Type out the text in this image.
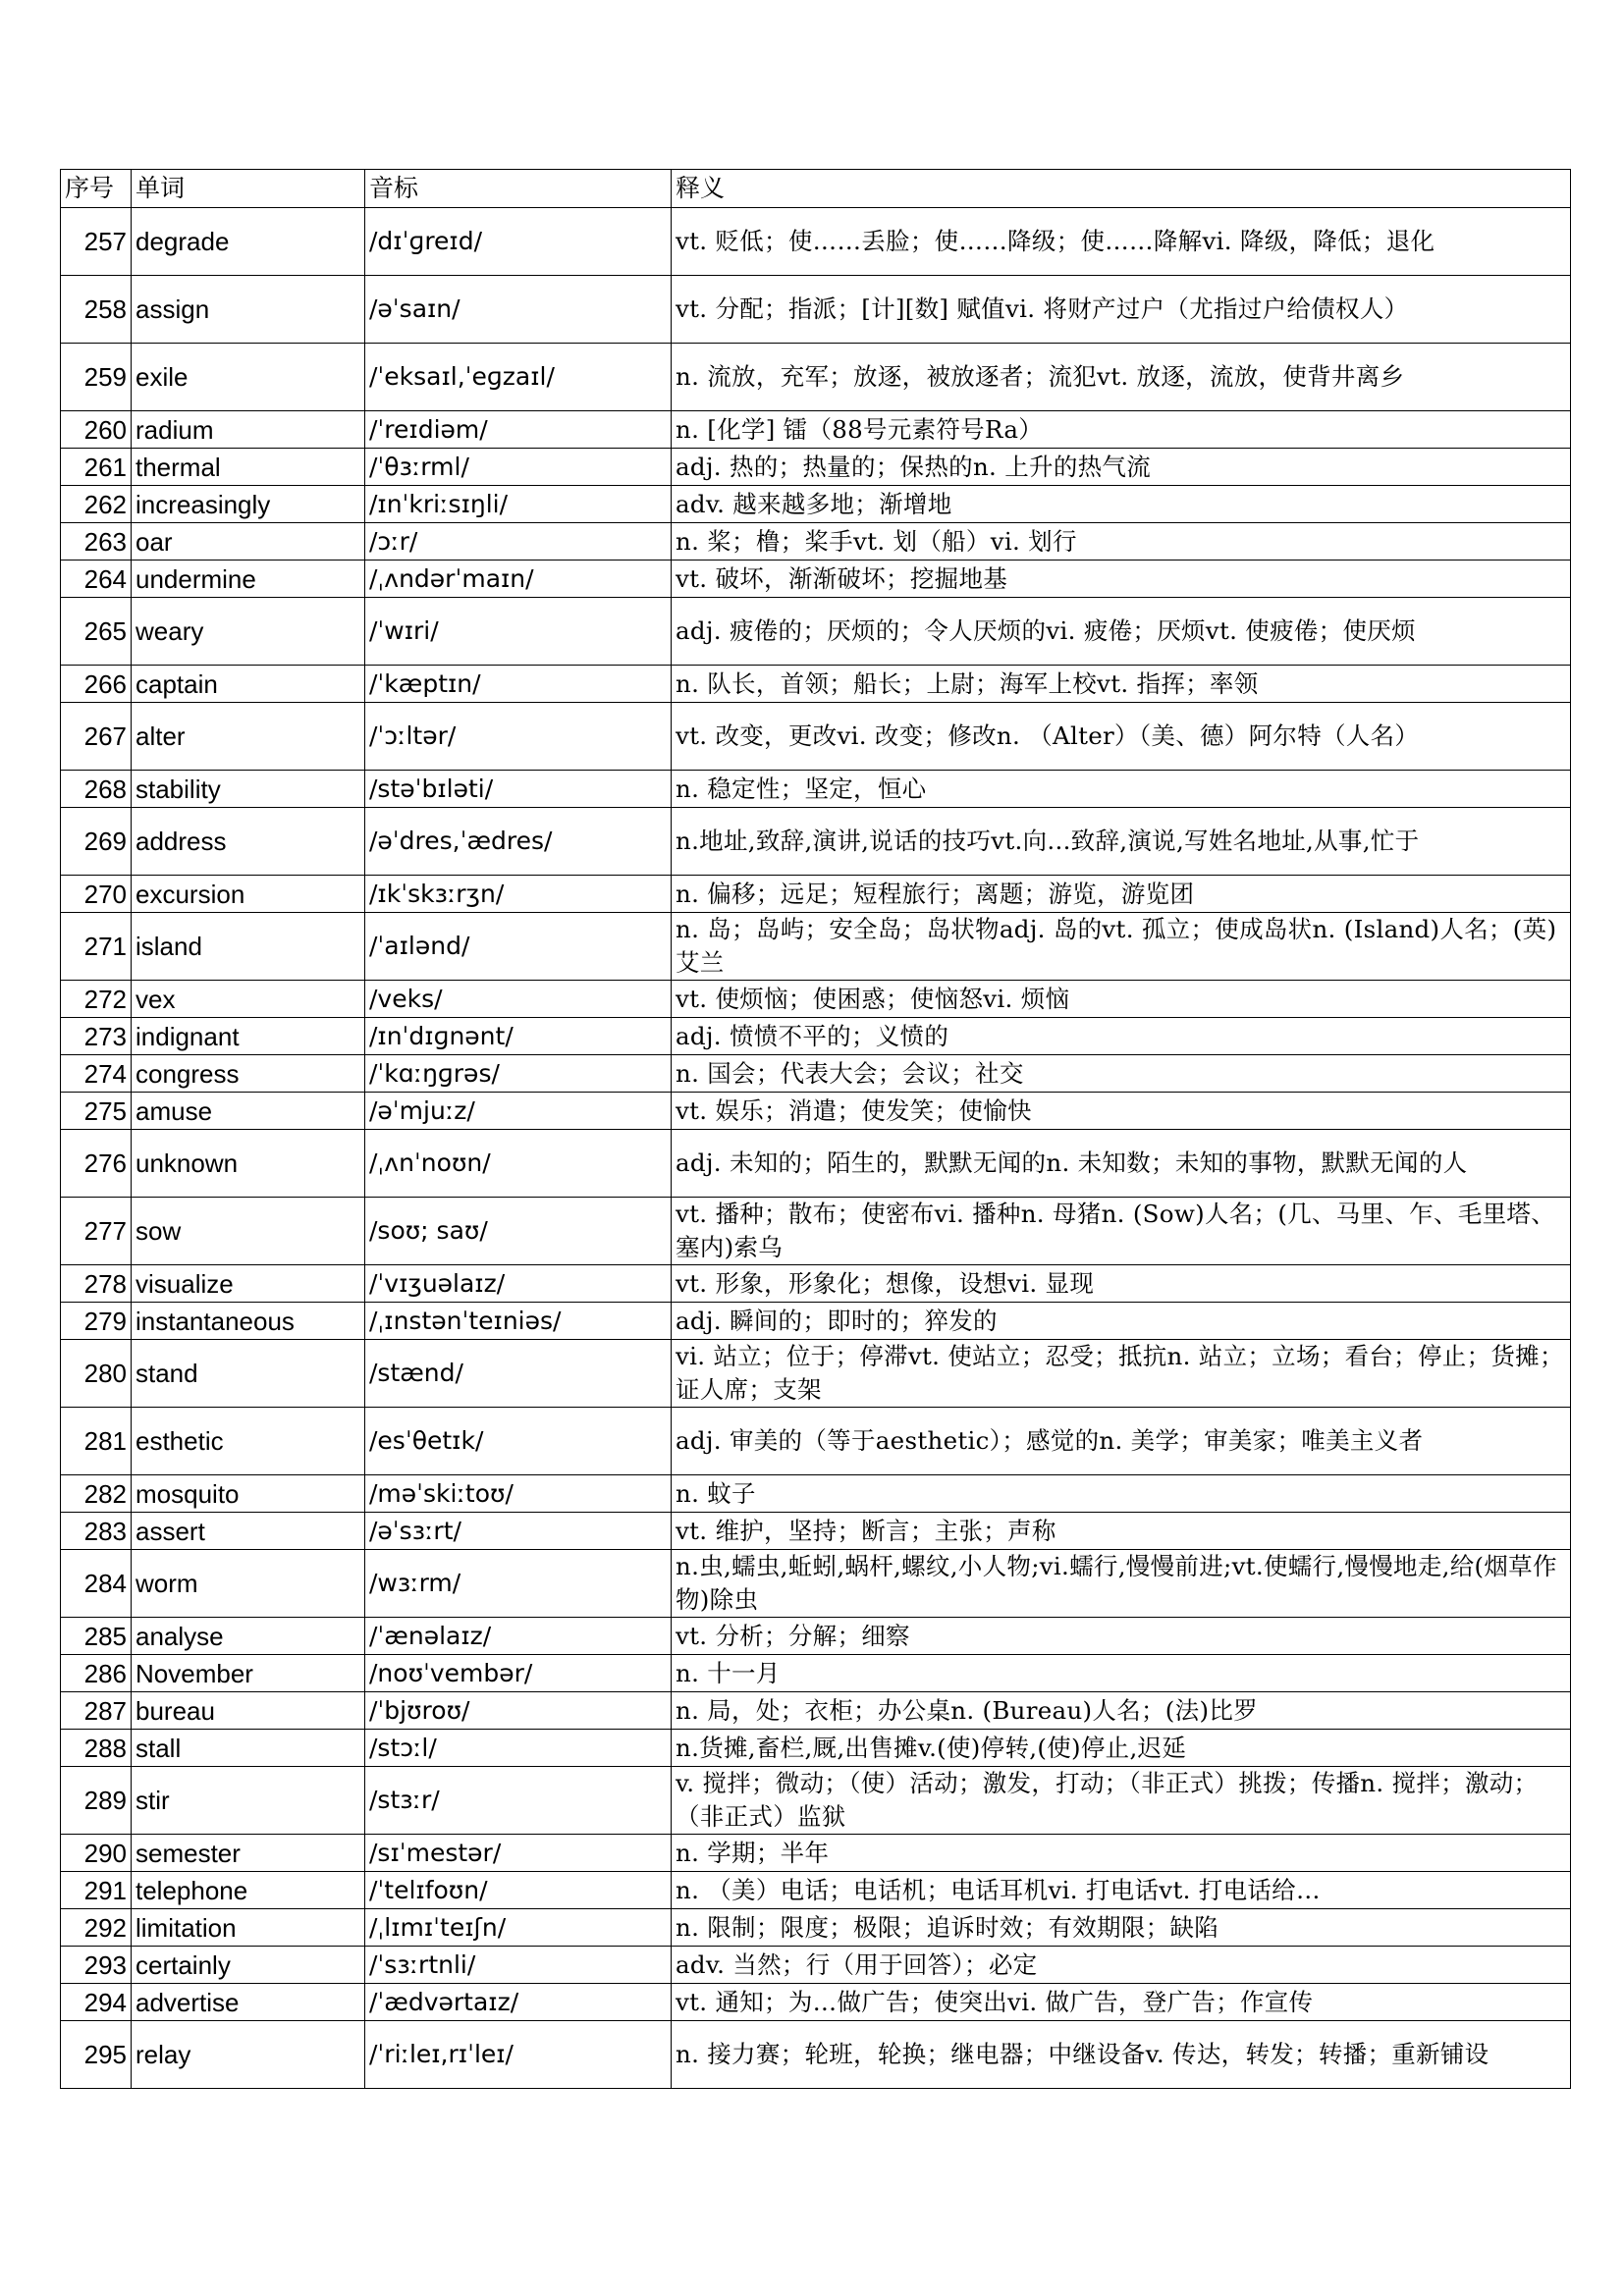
序号	单词	音标	释义
257	degrade	/dɪˈɡreɪd/	vt. 贬低；使……丢脸；使……降级；使……降解vi. 降级，降低；退化
258	assign	/əˈsaɪn/	vt. 分配；指派；[计][数] 赋值vi. 将财产过户（尤指过户给债权人）
259	exile	/ˈeksaɪl,ˈeɡzaɪl/	n. 流放，充军；放逐，被放逐者；流犯vt. 放逐，流放，使背井离乡
260	radium	/ˈreɪdiəm/	n. [化学] 镭（88号元素符号Ra）
261	thermal	/ˈθɜːrml/	adj. 热的；热量的；保热的n. 上升的热气流
262	increasingly	/ɪnˈkriːsɪŋli/	adv. 越来越多地；渐增地
263	oar	/ɔːr/	n. 桨；橹；桨手vt. 划（船）vi. 划行
264	undermine	/ˌʌndərˈmaɪn/	vt. 破坏，渐渐破坏；挖掘地基
265	weary	/ˈwɪri/	adj. 疲倦的；厌烦的；令人厌烦的vi. 疲倦；厌烦vt. 使疲倦；使厌烦
266	captain	/ˈkæptɪn/	n. 队长，首领；船长；上尉；海军上校vt. 指挥；率领
267	alter	/ˈɔːltər/	vt. 改变，更改vi. 改变；修改n. （Alter）（美、德）阿尔特（人名）
268	stability	/stəˈbɪləti/	n. 稳定性；坚定，恒心
269	address	/əˈdres,ˈædres/	n.地址,致辞,演讲,说话的技巧vt.向...致辞,演说,写姓名地址,从事,忙于
270	excursion	/ɪkˈskɜːrʒn/	n. 偏移；远足；短程旅行；离题；游览，游览团
271	island	/ˈaɪlənd/	n. 岛；岛屿；安全岛；岛状物adj. 岛的vt. 孤立；使成岛状n. (Island)人名；(英)艾兰
272	vex	/veks/	vt. 使烦恼；使困惑；使恼怒vi. 烦恼
273	indignant	/ɪnˈdɪɡnənt/	adj. 愤愤不平的；义愤的
274	congress	/ˈkɑːŋɡrəs/	n. 国会；代表大会；会议；社交
275	amuse	/əˈmjuːz/	vt. 娱乐；消遣；使发笑；使愉快
276	unknown	/ˌʌnˈnoʊn/	adj. 未知的；陌生的，默默无闻的n. 未知数；未知的事物，默默无闻的人
277	sow	/soʊ; saʊ/	vt. 播种；散布；使密布vi. 播种n. 母猪n. (Sow)人名；(几、马里、乍、毛里塔、塞内)索乌
278	visualize	/ˈvɪʒuəlaɪz/	vt. 形象，形象化；想像，设想vi. 显现
279	instantaneous	/ˌɪnstənˈteɪniəs/	adj. 瞬间的；即时的；猝发的
280	stand	/stænd/	vi. 站立；位于；停滞vt. 使站立；忍受；抵抗n. 站立；立场；看台；停止；货摊； 证人席；支架
281	esthetic	/esˈθetɪk/	adj. 审美的（等于aesthetic）；感觉的n. 美学；审美家；唯美主义者
282	mosquito	/məˈskiːtoʊ/	n. 蚊子
283	assert	/əˈsɜːrt/	vt. 维护，坚持；断言；主张；声称
284	worm	/wɜːrm/	n.虫,蠕虫,蚯蚓,蜗杆,螺纹,小人物;vi.蠕行,慢慢前进;vt.使蠕行,慢慢地走,给(烟草作物)除虫
285	analyse	/ˈænəlaɪz/	vt. 分析；分解；细察
286	November	/noʊˈvembər/	n. 十一月
287	bureau	/ˈbjʊroʊ/	n. 局，处；衣柜；办公桌n. (Bureau)人名；(法)比罗
288	stall	/stɔːl/	n.货摊,畜栏,厩,出售摊v.(使)停转,(使)停止,迟延
289	stir	/stɜːr/	v. 搅拌；微动；（使）活动；激发，打动；（非正式）挑拨；传播n. 搅拌；激动；（非正式）监狱
290	semester	/sɪˈmestər/	n. 学期；半年
291	telephone	/ˈtelɪfoʊn/	n. （美）电话；电话机；电话耳机vi. 打电话vt. 打电话给…
292	limitation	/ˌlɪmɪˈteɪʃn/	n. 限制；限度；极限；追诉时效；有效期限；缺陷
293	certainly	/ˈsɜːrtnli/	adv. 当然；行（用于回答）；必定
294	advertise	/ˈædvərtaɪz/	vt. 通知；为…做广告；使突出vi. 做广告，登广告；作宣传
295	relay	/ˈriːleɪ,rɪˈleɪ/	n. 接力赛；轮班，轮换；继电器；中继设备v. 传达，转发；转播；重新铺设
